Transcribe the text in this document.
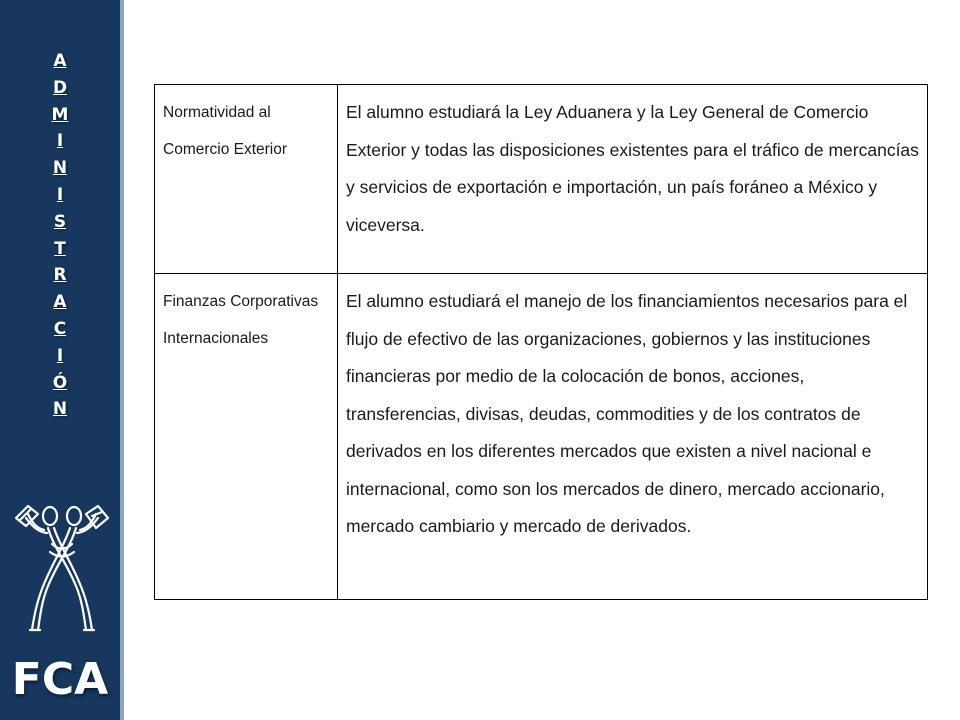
A
D
M
I
N
I
S
T
R
A
C
I
Ó
N
FCA
Normatividad al Comercio Exterior	El alumno estudiará la Ley Aduanera y la Ley General de Comercio Exterior y todas las disposiciones existentes para el tráfico de mercancías y servicios de exportación e importación, un país foráneo a México y viceversa.
Finanzas Corporativas Internacionales	El alumno estudiará el manejo de los financiamientos necesarios para el flujo de efectivo de las organizaciones, gobiernos y las instituciones financieras por medio de la colocación de bonos, acciones, transferencias, divisas, deudas, commodities y de los contratos de derivados en los diferentes mercados que existen a nivel nacional e internacional, como son los mercados de dinero, mercado accionario, mercado cambiario y mercado de derivados.
